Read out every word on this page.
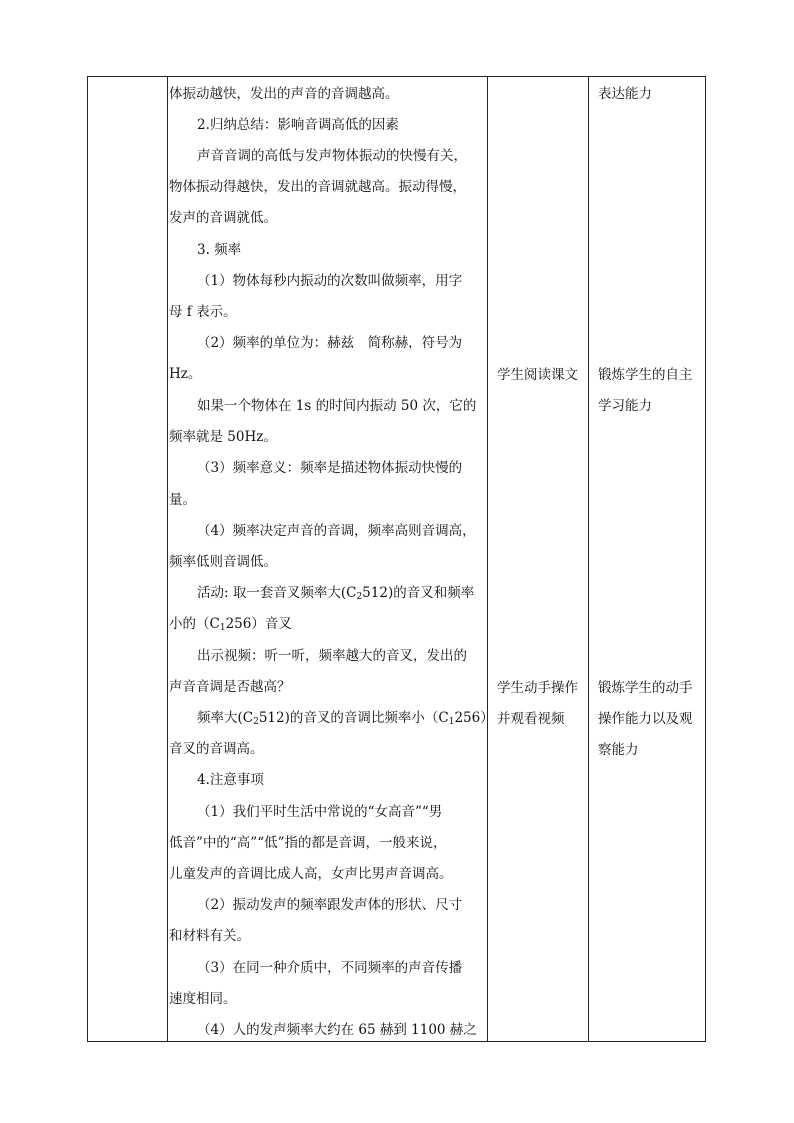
体振动越快，发出的声音的音调越高。
2.归纳总结：影响音调高低的因素
声音音调的高低与发声物体振动的快慢有关，
物体振动得越快，发出的音调就越高。振动得慢，
发声的音调就低。
3. 频率
（1）物体每秒内振动的次数叫做频率，用字
母 f 表示。
（2）频率的单位为：赫兹　简称赫，符号为
Hz。
如果一个物体在 1s 的时间内振动 50 次，它的
频率就是 50Hz。
（3）频率意义：频率是描述物体振动快慢的
量。
（4）频率决定声音的音调，频率高则音调高，
频率低则音调低。
活动: 取一套音叉频率大$(C_2512)$的音叉和频率
小的$(C_1256)$音叉
出示视频：听一听，频率越大的音叉，发出的
声音音调是否越高？
频率大$(C_2512)$的音叉的音调比频率小$(C_1256)$
音叉的音调高。
4.注意事项
（1）我们平时生活中常说的“女高音”“男
低音”中的“高”“低”指的都是音调，一般来说，
儿童发声的音调比成人高，女声比男声音调高。
（2）振动发声的频率跟发声体的形状、尺寸
和材料有关。
（3）在同一种介质中，不同频率的声音传播
速度相同。
（4）人的发声频率大约在 65 赫到 1100 赫之
学生阅读课文
学生动手操作
并观看视频
表达能力
锻炼学生的自主
学习能力
锻炼学生的动手
操作能力以及观
察能力
